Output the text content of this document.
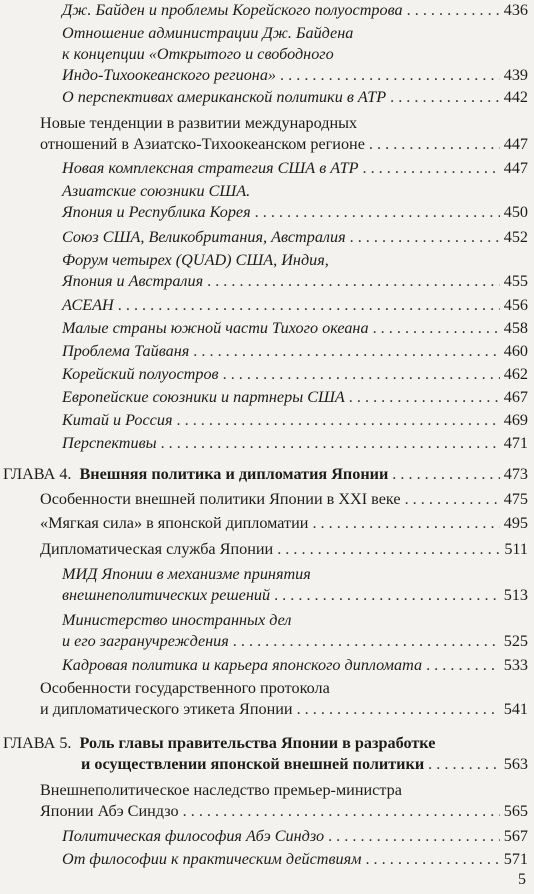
Дж. Байден и проблемы Корейского полуострова . . .	436
Отношение администрации Дж. Байдена
к концепции «Открытого и свободного
Индо-Тихоокеанского региона» . . .	439
О перспективах американской политики в АТР . . .	442
Новые тенденции в развитии международных
отношений в Азиатско-Тихоокеанском регионе . . .	447
Новая комплексная стратегия США в АТР . . .	447
Азиатские союзники США.
Япония и Республика Корея . . .	450
Союз США, Великобритания, Австралия . . .	452
Форум четырех (QUAD) США, Индия,
Япония и Австралия . . .	455
АСЕАН . . .	456
Малые страны южной части Тихого океана . . .	458
Проблема Тайваня . . .	460
Корейский полуостров . . .	462
Европейские союзники и партнеры США . . .	467
Китай и Россия . . .	469
Перспективы . . .	471
ГЛАВА 4. Внешняя политика и дипломатия Японии . . .	473
Особенности внешней политики Японии в XXI веке . . .	475
«Мягкая сила» в японской дипломатии . . .	495
Дипломатическая служба Японии . . .	511
МИД Японии в механизме принятия
внешнеполитических решений . . .	513
Министерство иностранных дел
и его загранучреждения . . .	525
Кадровая политика и карьера японского дипломата . . .	533
Особенности государственного протокола
и дипломатического этикета Японии . . .	541
ГЛАВА 5. Роль главы правительства Японии в разработке
и осуществлении японской внешней политики . . .	563
Внешнеполитическое наследство премьер-министра
Японии Абэ Синдзо . . .	565
Политическая философия Абэ Синдзо . . .	567
От философии к практическим действиям . . .	571
5
